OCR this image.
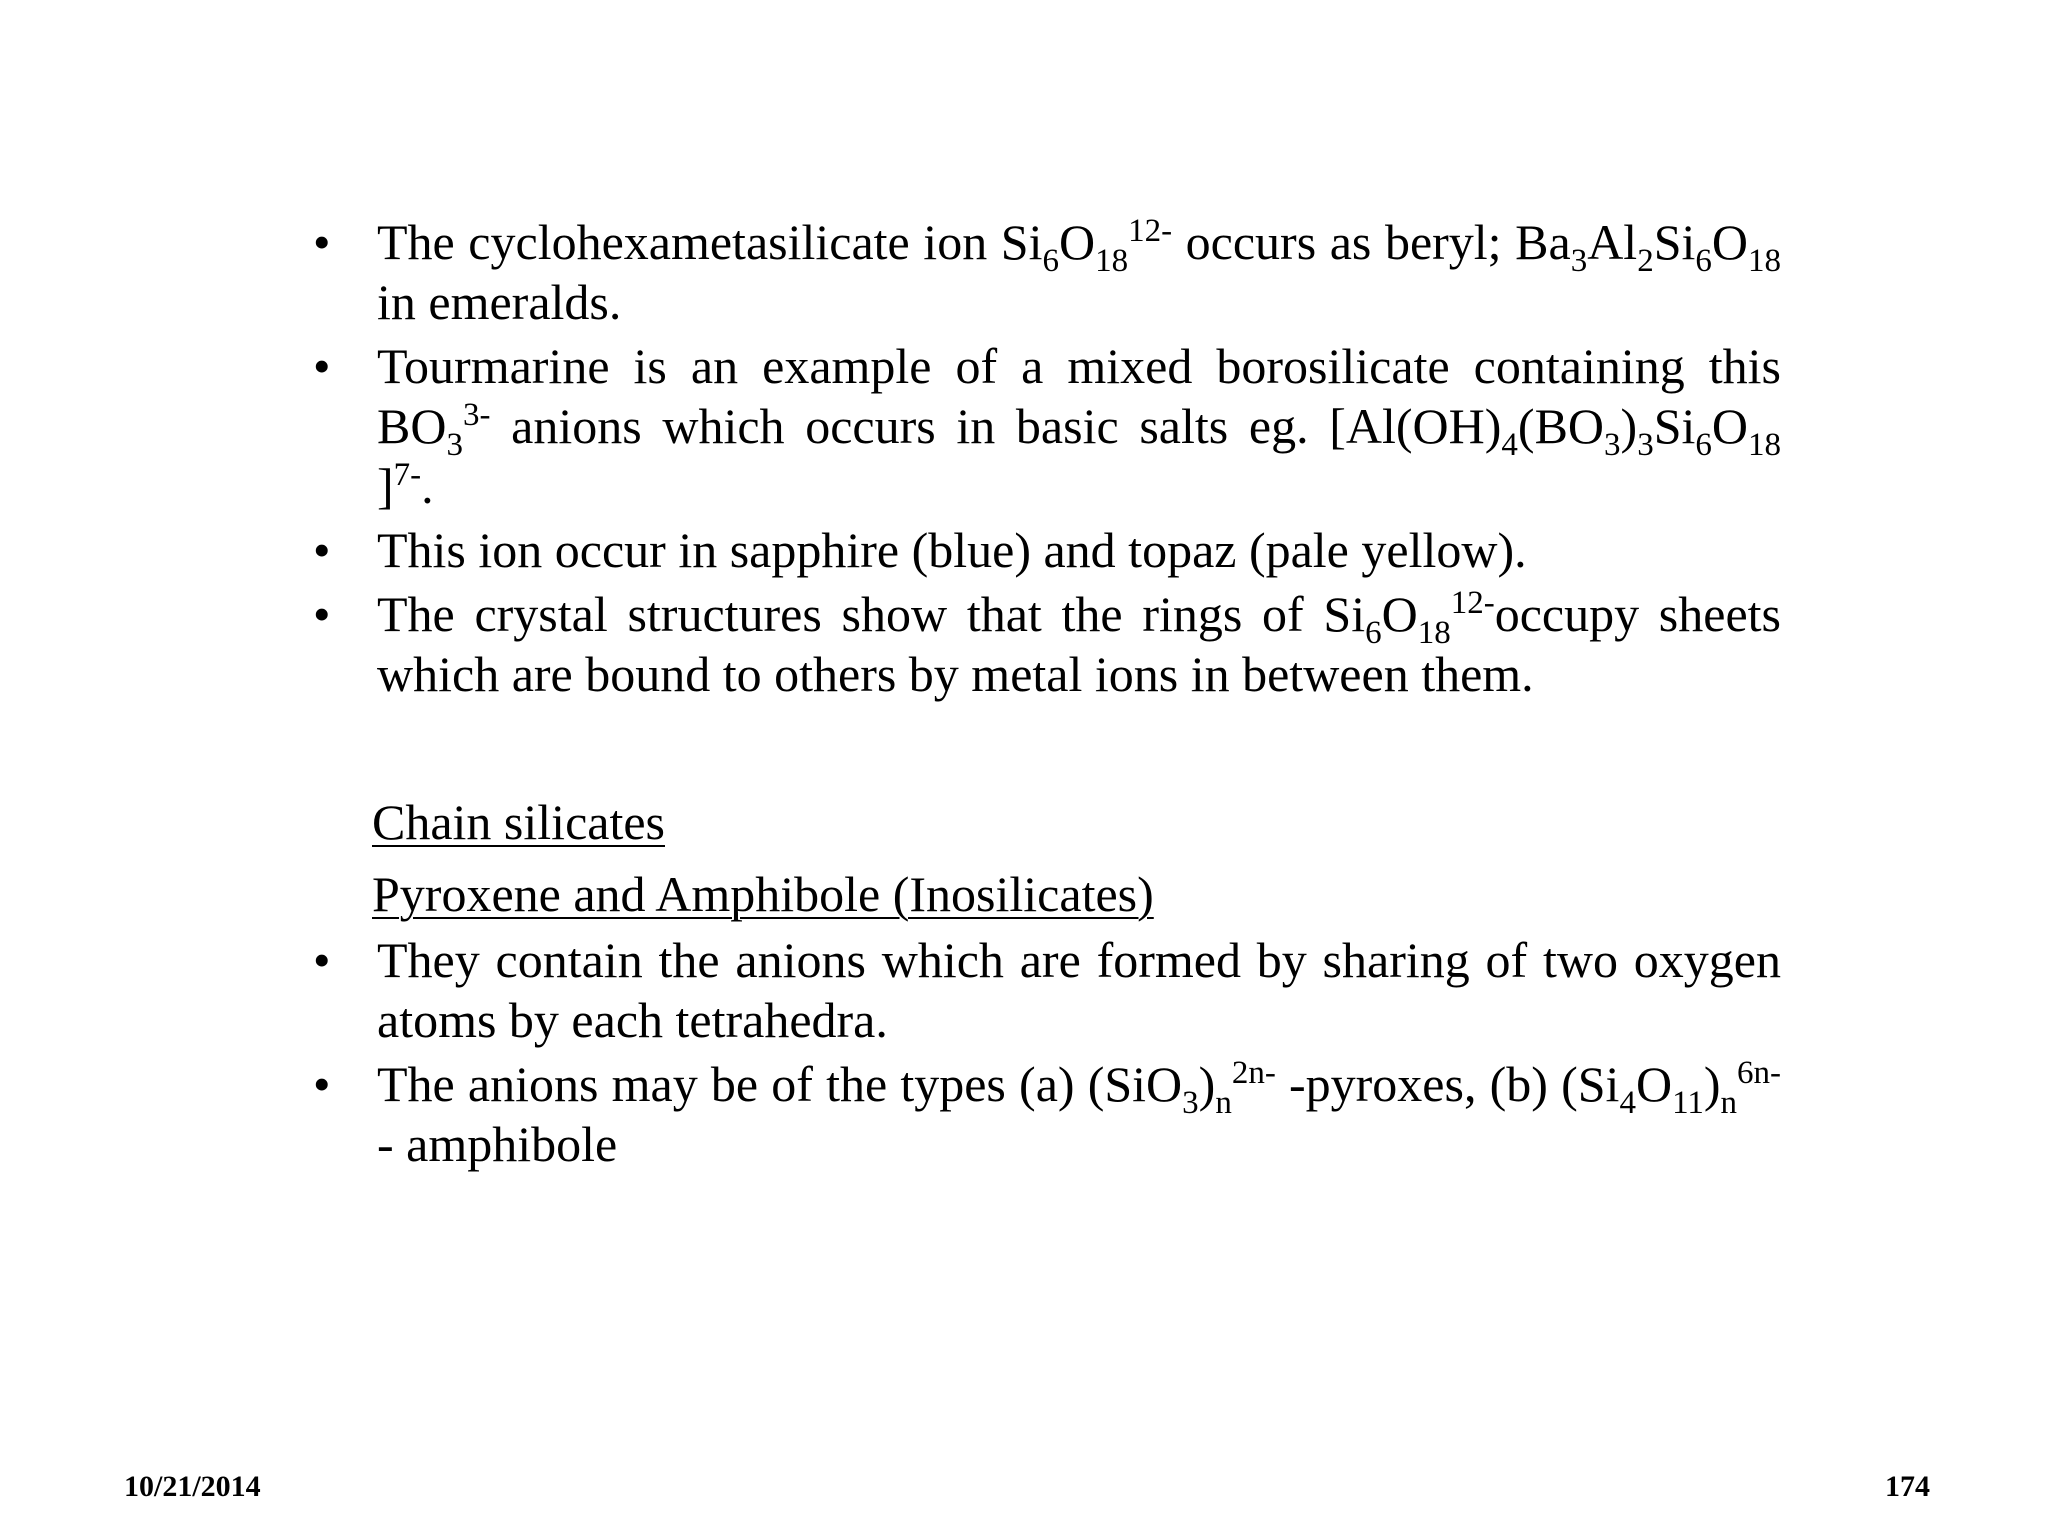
• The cyclohexametasilicate ion $Si_6O_{18}^{12-}$ occurs as beryl; $Ba_3Al_2Si_6O_{18}$ in emeralds.
• Tourmarine is an example of a mixed borosilicate containing this $BO_3^{3-}$ anions which occurs in basic salts eg. [$Al(OH)_4(BO_3)_3Si_6O_{18}$ ]$^{7-}$.
• This ion occur in sapphire (blue) and topaz (pale yellow).
• The crystal structures show that the rings of $Si_6O_{18}^{12-}occupy$ sheets which are bound to others by metal ions in between them.

Chain silicates

Pyroxene and Amphibole (Inosilicates)

• They contain the anions which are formed by sharing of two oxygen atoms by each tetrahedra.
• The anions may be of the types (a) $(SiO_3)_n^{2n-}$ -pyroxes, (b) $(Si_4O_{11})_n^{6n-}$ - amphibole
10/21/2014	174
